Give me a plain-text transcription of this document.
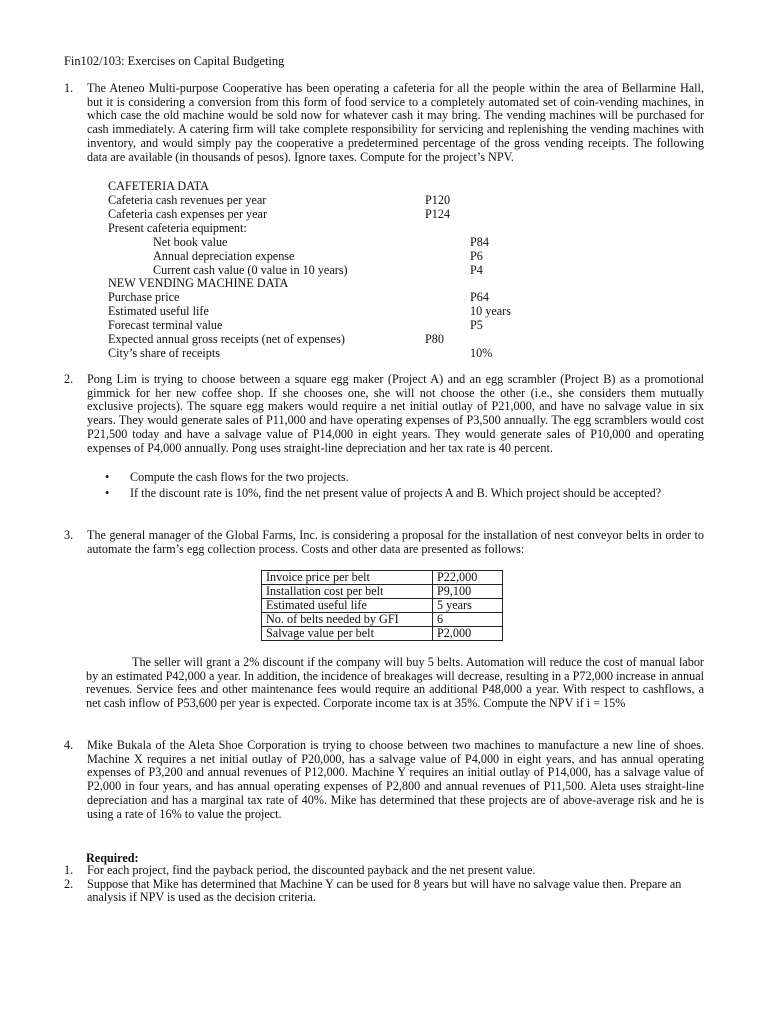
Fin102/103: Exercises on Capital Budgeting
1. The Ateneo Multi-purpose Cooperative has been operating a cafeteria for all the people within the area of Bellarmine Hall, but it is considering a conversion from this form of food service to a completely automated set of coin-vending machines, in which case the old machine would be sold now for whatever cash it may bring. The vending machines will be purchased for cash immediately. A catering firm will take complete responsibility for servicing and replenishing the vending machines with inventory, and would simply pay the cooperative a predetermined percentage of the gross vending receipts. The following data are available (in thousands of pesos). Ignore taxes. Compute for the project’s NPV.
CAFETERIA DATA
Cafeteria cash revenues per year	P120
Cafeteria cash expenses per year	P124
Present cafeteria equipment:
Net book value	P84
Annual depreciation expense	P6
Current cash value (0 value in 10 years)	P4
NEW VENDING MACHINE DATA
Purchase price	P64
Estimated useful life	10 years
Forecast terminal value	P5
Expected annual gross receipts (net of expenses)	P80
City’s share of receipts	10%
2. Pong Lim is trying to choose between a square egg maker (Project A) and an egg scrambler (Project B) as a promotional gimmick for her new coffee shop. If she chooses one, she will not choose the other (i.e., she considers them mutually exclusive projects). The square egg makers would require a net initial outlay of P21,000, and have no salvage value in six years. They would generate sales of P11,000 and have operating expenses of P3,500 annually. The egg scramblers would cost P21,500 today and have a salvage value of P14,000 in eight years. They would generate sales of P10,000 and operating expenses of P4,000 annually. Pong uses straight-line depreciation and her tax rate is 40 percent.
• Compute the cash flows for the two projects.
• If the discount rate is 10%, find the net present value of projects A and B. Which project should be accepted?
3. The general manager of the Global Farms, Inc. is considering a proposal for the installation of nest conveyor belts in order to automate the farm’s egg collection process. Costs and other data are presented as follows:
Invoice price per belt	P22,000
Installation cost per belt	P9,100
Estimated useful life	5 years
No. of belts needed by GFI	6
Salvage value per belt	P2,000
The seller will grant a 2% discount if the company will buy 5 belts. Automation will reduce the cost of manual labor by an estimated P42,000 a year. In addition, the incidence of breakages will decrease, resulting in a P72,000 increase in annual revenues. Service fees and other maintenance fees would require an additional P48,000 a year. With respect to cashflows, a net cash inflow of P53,600 per year is expected. Corporate income tax is at 35%. Compute the NPV if i = 15%
4. Mike Bukala of the Aleta Shoe Corporation is trying to choose between two machines to manufacture a new line of shoes. Machine X requires a net initial outlay of P20,000, has a salvage value of P4,000 in eight years, and has annual operating expenses of P3,200 and annual revenues of P12,000. Machine Y requires an initial outlay of P14,000, has a salvage value of P2,000 in four years, and has annual operating expenses of P2,800 and annual revenues of P11,500. Aleta uses straight-line depreciation and has a marginal tax rate of 40%. Mike has determined that these projects are of above-average risk and he is using a rate of 16% to value the project.
Required:
1. For each project, find the payback period, the discounted payback and the net present value.
2. Suppose that Mike has determined that Machine Y can be used for 8 years but will have no salvage value then. Prepare an analysis if NPV is used as the decision criteria.
